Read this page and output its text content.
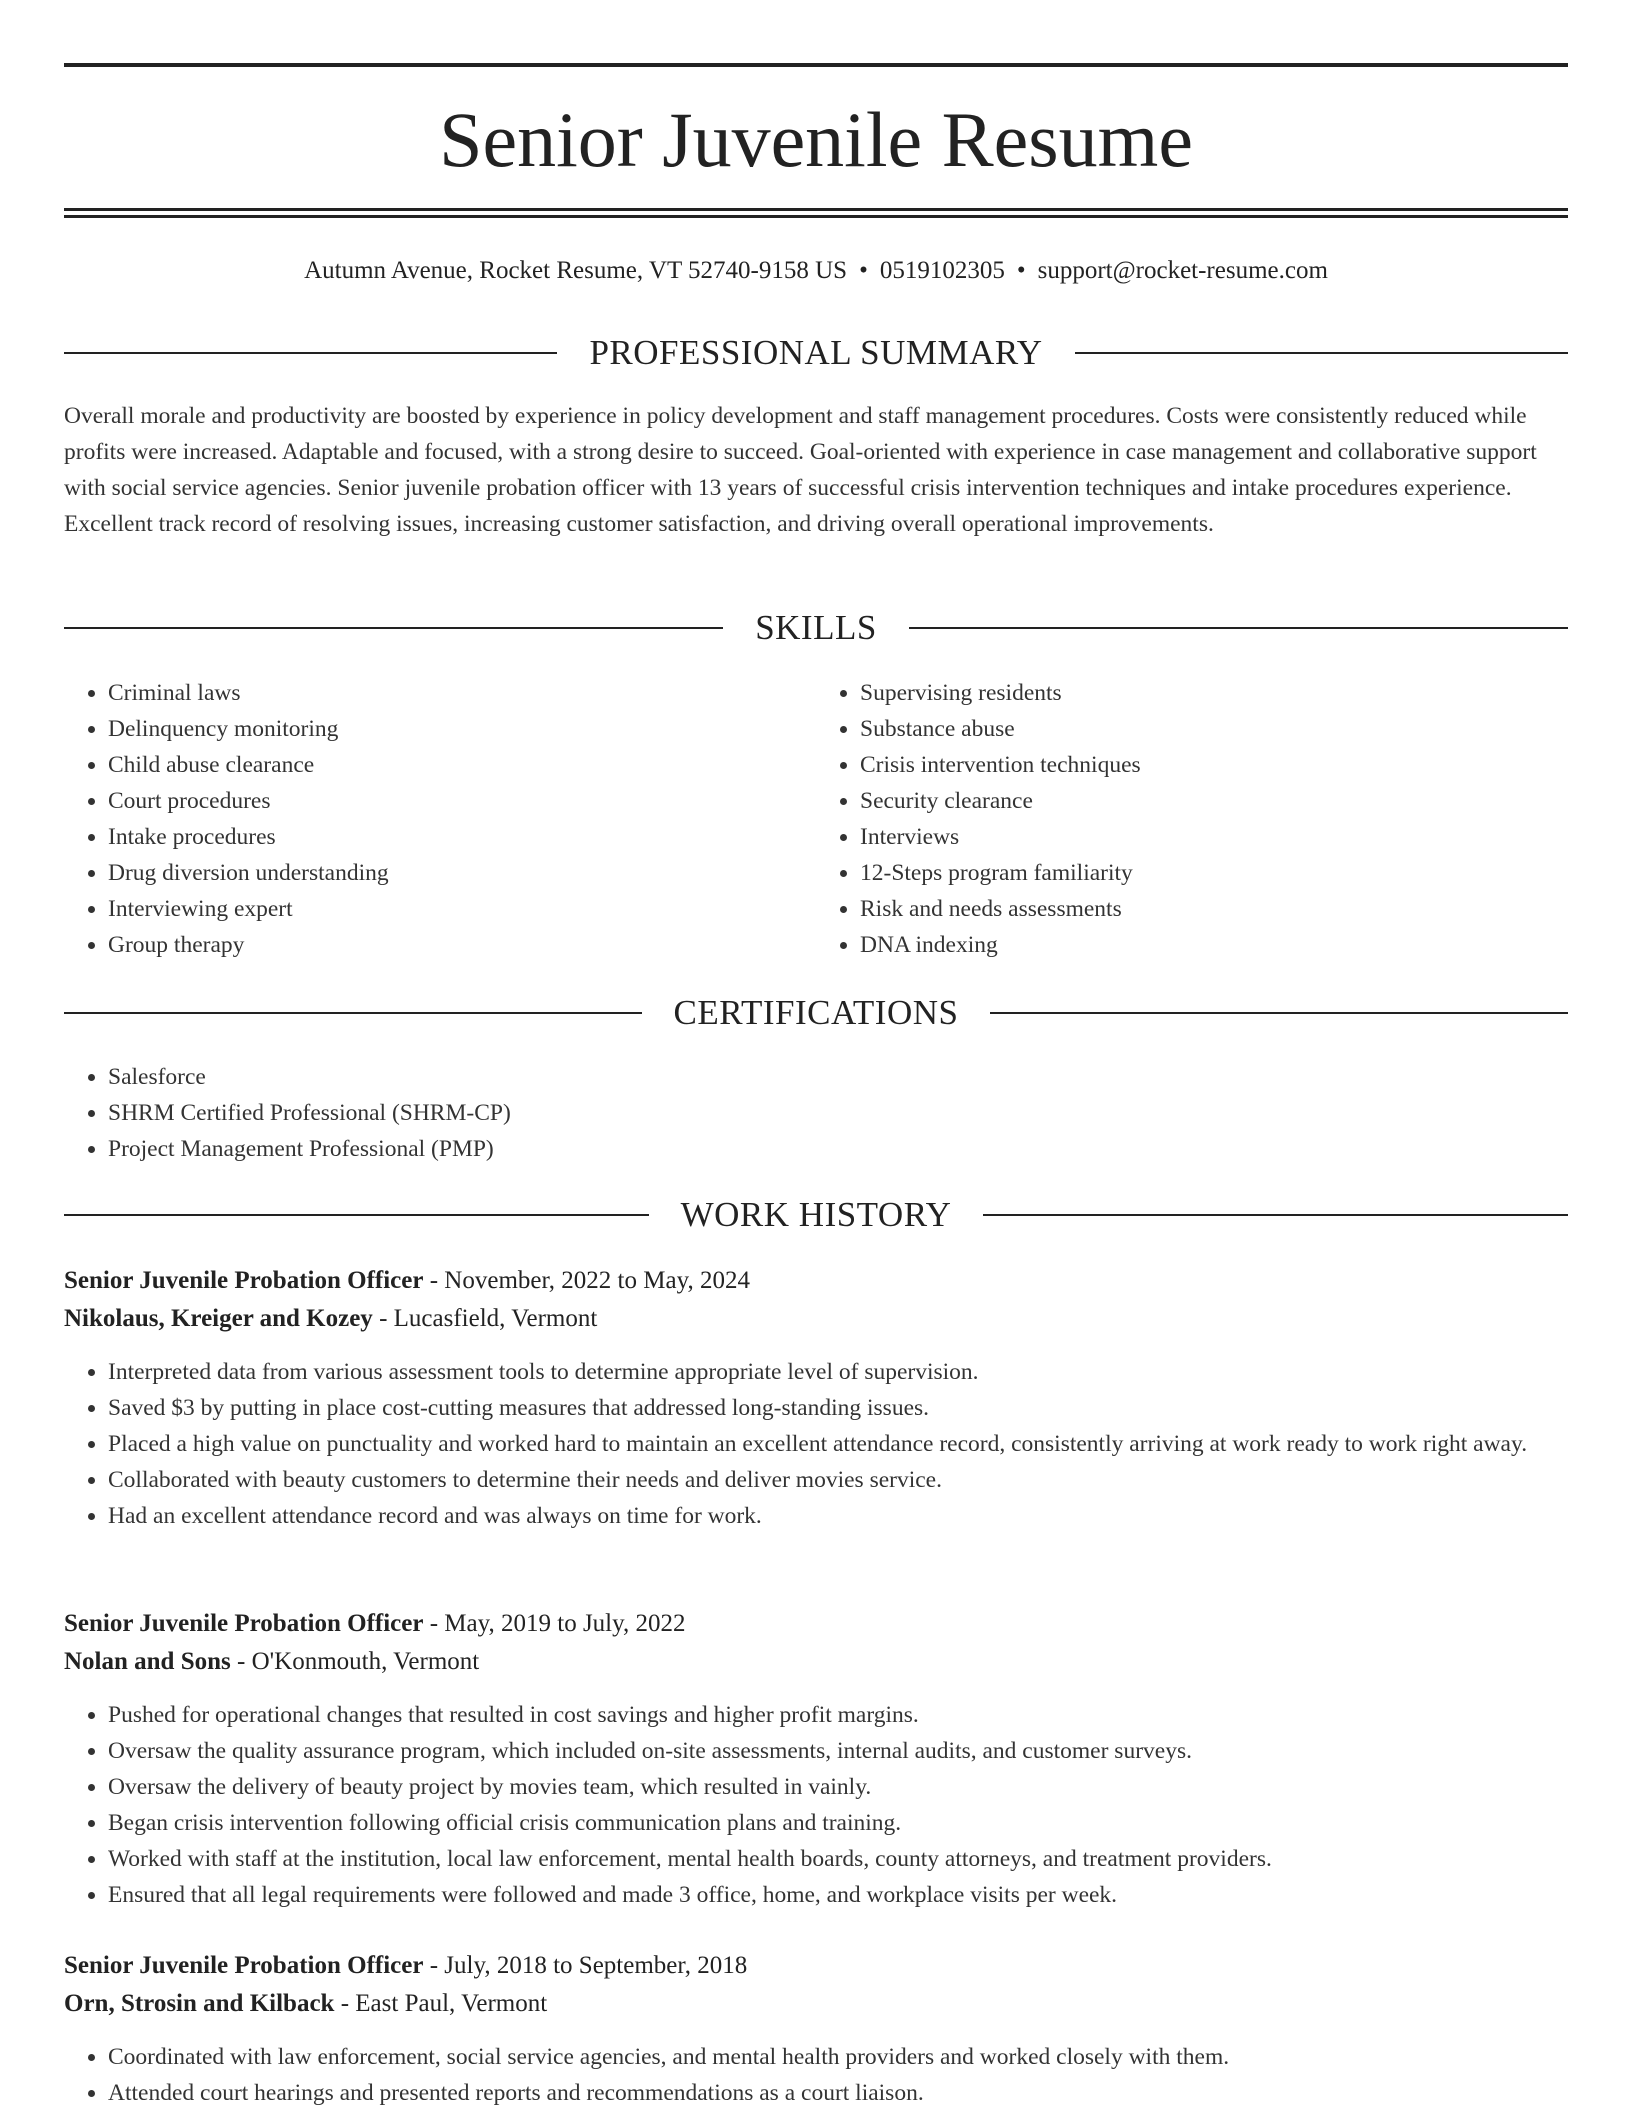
Senior Juvenile Resume
Autumn Avenue, Rocket Resume, VT 52740-9158 US • 0519102305 • support@rocket-resume.com
PROFESSIONAL SUMMARY

Overall morale and productivity are boosted by experience in policy development and staff management procedures. Costs were consistently reduced while profits were increased. Adaptable and focused, with a strong desire to succeed. Goal-oriented with experience in case management and collaborative support with social service agencies. Senior juvenile probation officer with 13 years of successful crisis intervention techniques and intake procedures experience. Excellent track record of resolving issues, increasing customer satisfaction, and driving overall operational improvements.

SKILLS
• Criminal laws
• Delinquency monitoring
• Child abuse clearance
• Court procedures
• Intake procedures
• Drug diversion understanding
• Interviewing expert
• Group therapy
• Supervising residents
• Substance abuse
• Crisis intervention techniques
• Security clearance
• Interviews
• 12-Steps program familiarity
• Risk and needs assessments
• DNA indexing
CERTIFICATIONS
• Salesforce
• SHRM Certified Professional (SHRM-CP)
• Project Management Professional (PMP)
WORK HISTORY
Senior Juvenile Probation Officer - November, 2022 to May, 2024
Nikolaus, Kreiger and Kozey - Lucasfield, Vermont
• Interpreted data from various assessment tools to determine appropriate level of supervision.
• Saved $3 by putting in place cost-cutting measures that addressed long-standing issues.
• Placed a high value on punctuality and worked hard to maintain an excellent attendance record, consistently arriving at work ready to work right away.
• Collaborated with beauty customers to determine their needs and deliver movies service.
• Had an excellent attendance record and was always on time for work.
Senior Juvenile Probation Officer - May, 2019 to July, 2022
Nolan and Sons - O'Konmouth, Vermont
• Pushed for operational changes that resulted in cost savings and higher profit margins.
• Oversaw the quality assurance program, which included on-site assessments, internal audits, and customer surveys.
• Oversaw the delivery of beauty project by movies team, which resulted in vainly.
• Began crisis intervention following official crisis communication plans and training.
• Worked with staff at the institution, local law enforcement, mental health boards, county attorneys, and treatment providers.
• Ensured that all legal requirements were followed and made 3 office, home, and workplace visits per week.
Senior Juvenile Probation Officer - July, 2018 to September, 2018
Orn, Strosin and Kilback - East Paul, Vermont
• Coordinated with law enforcement, social service agencies, and mental health providers and worked closely with them.
• Attended court hearings and presented reports and recommendations as a court liaison.
